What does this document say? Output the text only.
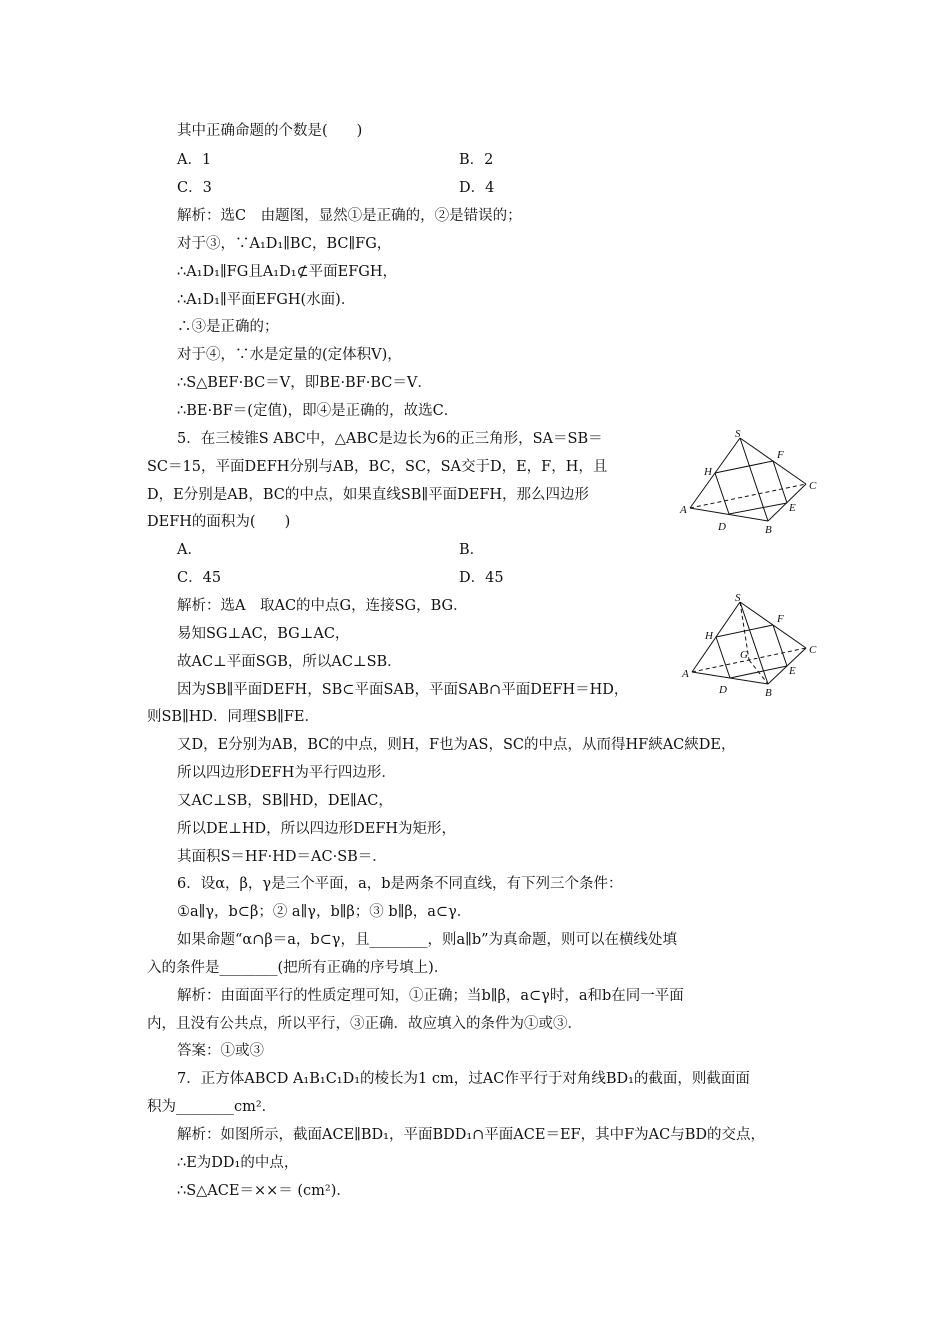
其中正确命题的个数是(　　)
A．1	B．2
C．3	D．4
解析：选C　由题图，显然①是正确的，②是错误的；
对于③，∵A₁D₁∥BC，BC∥FG，
∴A₁D₁∥FG且A₁D₁⊄平面EFGH，
∴A₁D₁∥平面EFGH(水面)．
∴③是正确的；
对于④，∵水是定量的(定体积V)，
∴S△BEF·BC＝V，即BE·BF·BC＝V．
∴BE·BF＝(定值)，即④是正确的，故选C．
5．在三棱锥S ABC中，△ABC是边长为6的正三角形，SA＝SB＝
SC＝15，平面DEFH分别与AB，BC，SC，SA交于D，E，F，H，且
D，E分别是AB，BC的中点，如果直线SB∥平面DEFH，那么四边形
DEFH的面积为(　　)
A．	B．
C．45	D．45
解析：选A　取AC的中点G，连接SG，BG．
易知SG⊥AC，BG⊥AC，
故AC⊥平面SGB，所以AC⊥SB．
因为SB∥平面DEFH，SB⊂平面SAB，平面SAB∩平面DEFH＝HD，
则SB∥HD．同理SB∥FE．
又D，E分别为AB，BC的中点，则H，F也为AS，SC的中点，从而得HF綊AC綊DE，
所以四边形DEFH为平行四边形．
又AC⊥SB，SB∥HD，DE∥AC，
所以DE⊥HD，所以四边形DEFH为矩形，
其面积S＝HF·HD＝AC·SB＝．
6．设α，β，γ是三个平面，a，b是两条不同直线，有下列三个条件：
①a∥γ，b⊂β；② a∥γ，b∥β；③ b∥β，a⊂γ．
如果命题“α∩β＝a，b⊂γ，且________，则a∥b”为真命题，则可以在横线处填
入的条件是________(把所有正确的序号填上)．
解析：由面面平行的性质定理可知，①正确；当b∥β，a⊂γ时，a和b在同一平面
内，且没有公共点，所以平行，③正确．故应填入的条件为①或③．
答案：①或③
7．正方体ABCD A₁B₁C₁D₁的棱长为1 cm，过AC作平行于对角线BD₁的截面，则截面面
积为________cm²．
解析：如图所示，截面ACE∥BD₁，平面BDD₁∩平面ACE＝EF，其中F为AC与BD的交点，
∴E为DD₁的中点，
∴S△ACE＝××＝ (cm²)．
S
H
F
A
C
D
E
B
S
H
F
G
A
C
D
E
B
